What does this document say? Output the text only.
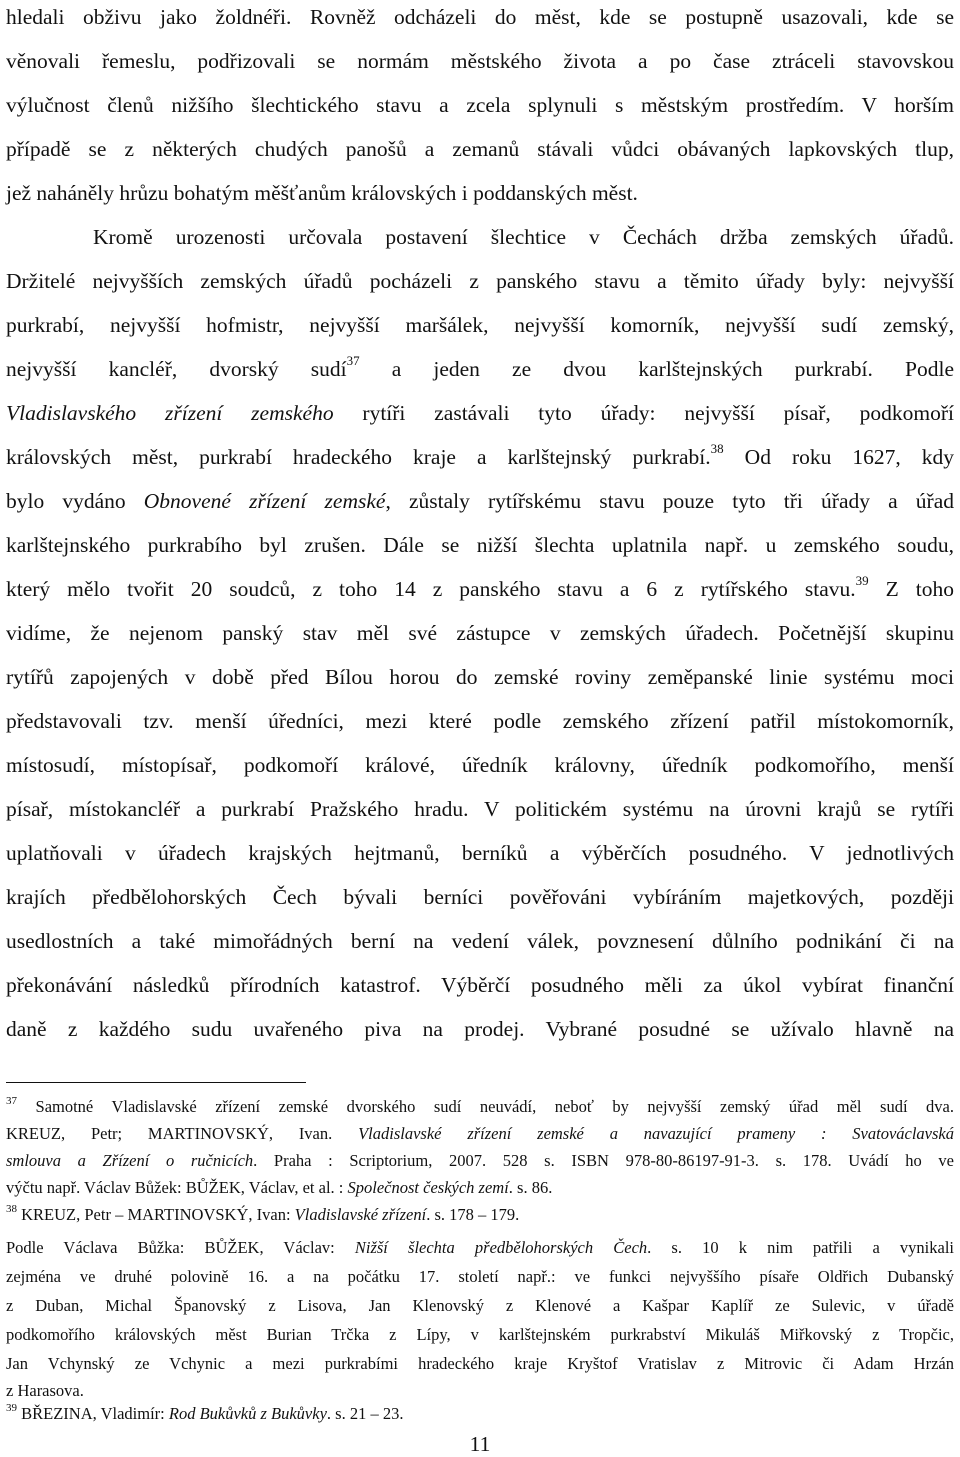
hledali obživu jako žoldnéři. Rovněž odcházeli do měst, kde se postupně usazovali, kde se
věnovali řemeslu, podřizovali se normám městského života a po čase ztráceli stavovskou
výlučnost členů nižšího šlechtického stavu a zcela splynuli s městským prostředím. V horším
případě se z některých chudých panošů a zemanů stávali vůdci obávaných lapkovských tlup,
jež naháněly hrůzu bohatým měšťanům královských i poddanských měst.
Kromě urozenosti určovala postavení šlechtice v Čechách držba zemských úřadů.
Držitelé nejvyšších zemských úřadů pocházeli z panského stavu a těmito úřady byly: nejvyšší
purkrabí, nejvyšší hofmistr, nejvyšší maršálek, nejvyšší komorník, nejvyšší sudí zemský,
nejvyšší kancléř, dvorský sudí$^{37}$ a jeden ze dvou karlštejnských purkrabí. Podle
Vladislavského zřízení zemského rytíři zastávali tyto úřady: nejvyšší písař, podkomoří
královských měst, purkrabí hradeckého kraje a karlštejnský purkrabí.$^{38}$ Od roku 1627, kdy
bylo vydáno Obnovené zřízení zemské, zůstaly rytířskému stavu pouze tyto tři úřady a úřad
karlštejnského purkrabího byl zrušen. Dále se nižší šlechta uplatnila např. u zemského soudu,
který mělo tvořit 20 soudců, z toho 14 z panského stavu a 6 z rytířského stavu.$^{39}$ Z toho
vidíme, že nejenom panský stav měl své zástupce v zemských úřadech. Početnější skupinu
rytířů zapojených v době před Bílou horou do zemské roviny zeměpanské linie systému moci
představovali tzv. menší úředníci, mezi které podle zemského zřízení patřil místokomorník,
místosudí, místopísař, podkomoří králové, úředník královny, úředník podkomořího, menší
písař, místokancléř a purkrabí Pražského hradu. V politickém systému na úrovni krajů se rytíři
uplatňovali v úřadech krajských hejtmanů, berníků a výběrčích posudného. V jednotlivých
krajích předbělohorských Čech bývali berníci pověřováni vybíráním majetkových, později
usedlostních a také mimořádných berní na vedení válek, povznesení důlního podnikání či na
překonávání následků přírodních katastrof. Výběrčí posudného měli za úkol vybírat finanční
daně z každého sudu uvařeného piva na prodej. Vybrané posudné se užívalo hlavně na
$^{37}$ Samotné Vladislavské zřízení zemské dvorského sudí neuvádí, neboť by nejvyšší zemský úřad měl sudí dva.
KREUZ, Petr; MARTINOVSKÝ, Ivan. Vladislavské zřízení zemské a navazující prameny : Svatováclavská
smlouva a Zřízení o ručnicích. Praha : Scriptorium, 2007. 528 s. ISBN 978-80-86197-91-3. s. 178. Uvádí ho ve
výčtu např. Václav Bůžek: BŮŽEK, Václav, et al. : Společnost českých zemí. s. 86.
$^{38}$ KREUZ, Petr – MARTINOVSKÝ, Ivan: Vladislavské zřízení. s. 178 – 179.
Podle Václava Bůžka: BŮŽEK, Václav: Nižší šlechta předbělohorských Čech. s. 10 k nim patřili a vynikali
zejména ve druhé polovině 16. a na počátku 17. století např.: ve funkci nejvyššího písaře Oldřich Dubanský
z Duban, Michal Španovský z Lisova, Jan Klenovský z Klenové a Kašpar Kaplíř ze Sulevic, v úřadě
podkomořího královských měst Burian Trčka z Lípy, v karlštejnském purkrabství Mikuláš Miřkovský z Tropčic,
Jan Vchynský ze Vchynic a mezi purkrabími hradeckého kraje Kryštof Vratislav z Mitrovic či Adam Hrzán
z Harasova.
$^{39}$ BŘEZINA, Vladimír: Rod Bukůvků z Bukůvky. s. 21 – 23.
11
